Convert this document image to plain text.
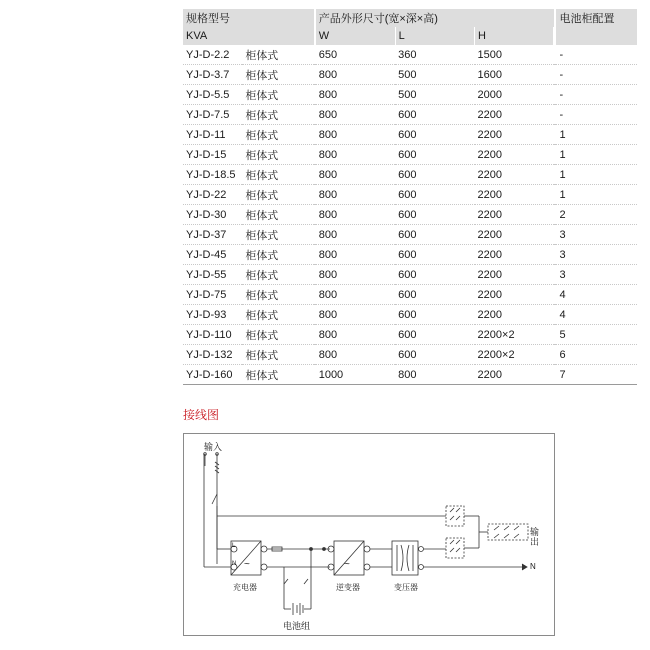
规格型号			产品外形尺寸(宽×深×高)				电池柜配置
KVA			W	L	H		
YJ-D-2.2	柜体式		650	360	1500		-
YJ-D-3.7	柜体式		800	500	1600		-
YJ-D-5.5	柜体式		800	500	2000		-
YJ-D-7.5	柜体式		800	600	2200		-
YJ-D-11	柜体式		800	600	2200		1
YJ-D-15	柜体式		800	600	2200		1
YJ-D-18.5	柜体式		800	600	2200		1
YJ-D-22	柜体式		800	600	2200		1
YJ-D-30	柜体式		800	600	2200		2
YJ-D-37	柜体式		800	600	2200		3
YJ-D-45	柜体式		800	600	2200		3
YJ-D-55	柜体式		800	600	2200		3
YJ-D-75	柜体式		800	600	2200		4
YJ-D-93	柜体式		800	600	2200		4
YJ-D-110	柜体式		800	600	2200×2		5
YJ-D-132	柜体式		800	600	2200×2		6
YJ-D-160	柜体式		1000	800	2200		7
接线图
输入
输
出
N
L
N ~	~
充电器	逆变器	变压器
电池组
